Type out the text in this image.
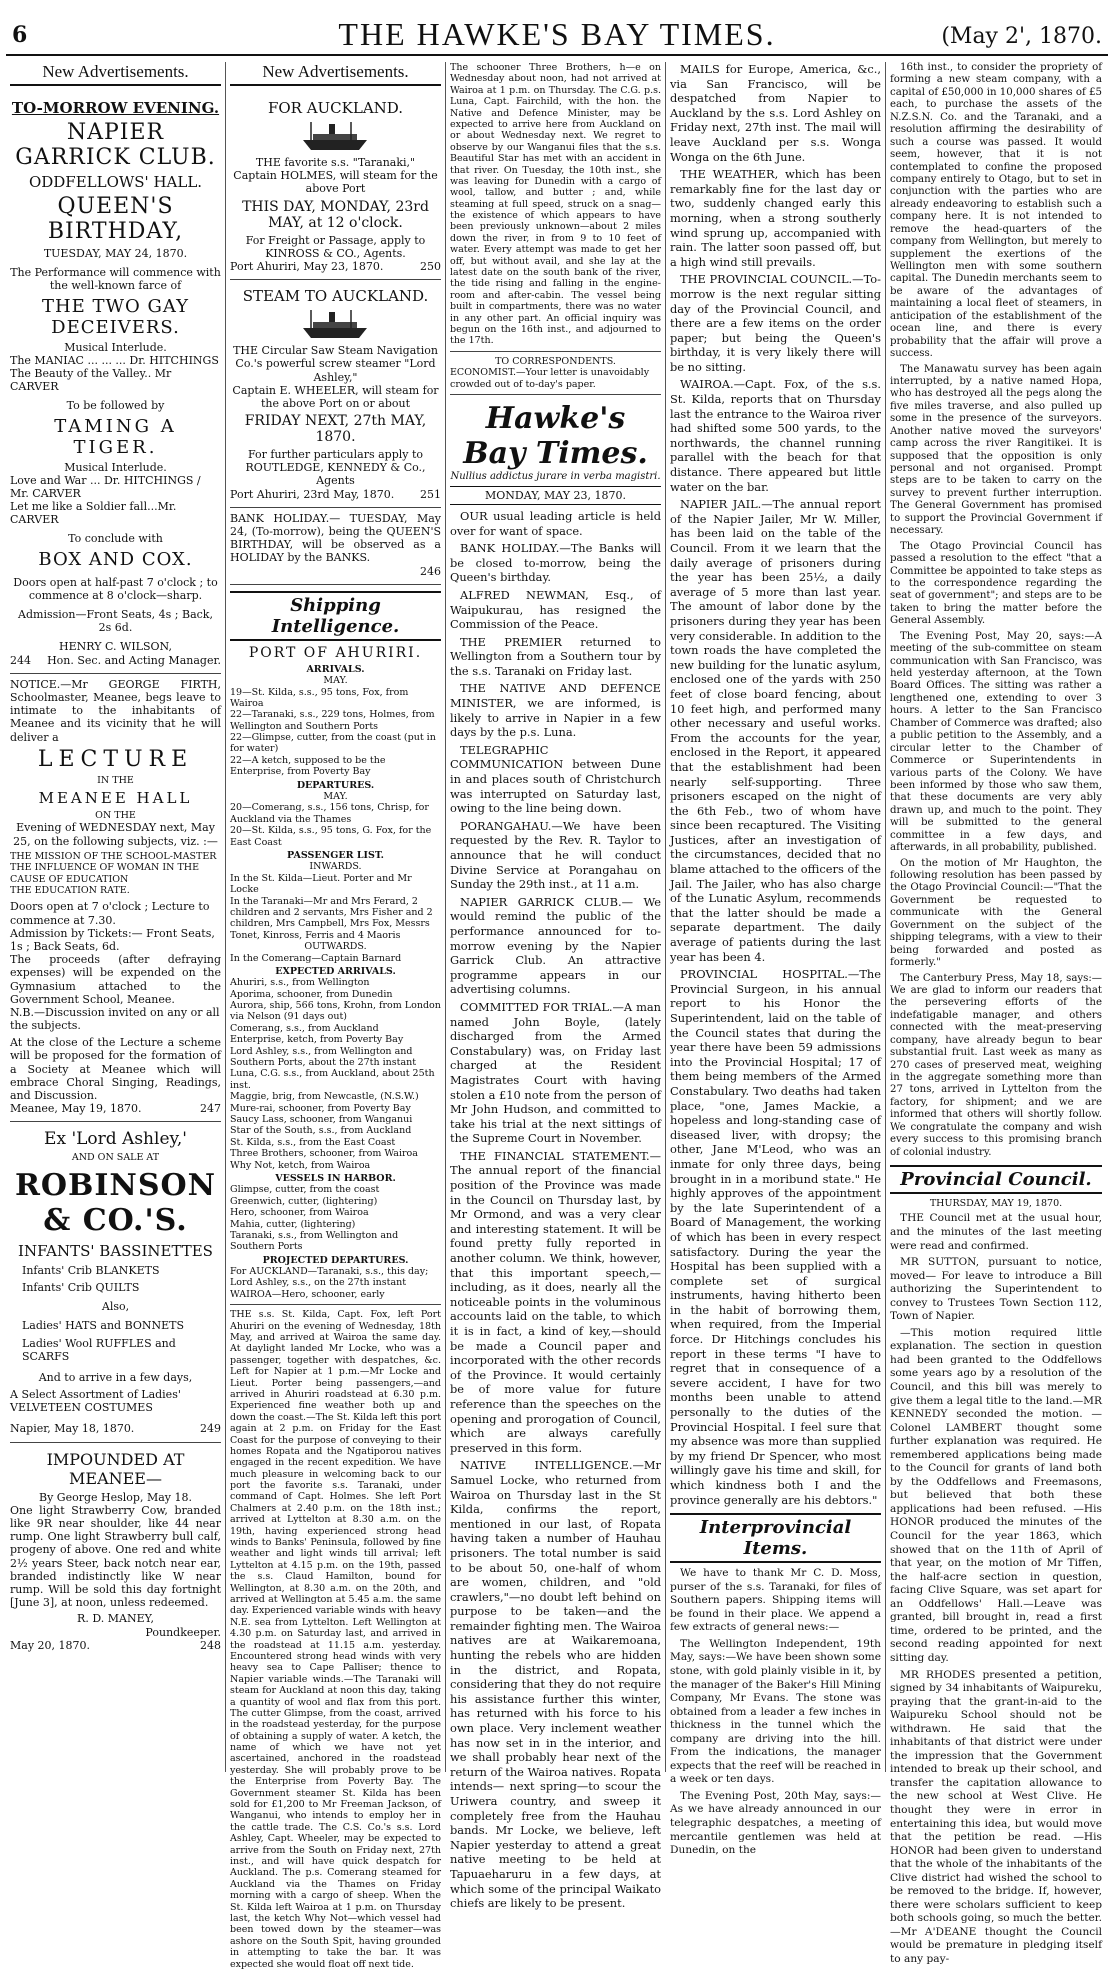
6	THE HAWKE'S BAY TIMES.	(May 2', 1870.
New Advertisements.
TO-MORROW EVENING.
NAPIER GARRICK CLUB.
ODDFELLOWS' HALL.
QUEEN'S BIRTHDAY,
TUESDAY, MAY 24, 1870.
The Performance will commence with the well-known farce of
THE TWO GAY DECEIVERS.
Musical Interlude.
The MANIAC ... ... ... Dr. HITCHINGS
The Beauty of the Valley.. Mr CARVER
To be followed by
TAMING A TIGER.
Musical Interlude.
Love and War ... Dr. HITCHINGS / Mr. CARVER
Let me like a Soldier fall...Mr. CARVER
To conclude with
BOX AND COX.
Doors open at half-past 7 o'clock ; to commence at 8 o'clock—sharp.
Admission—Front Seats, 4s ; Back, 2s 6d.
HENRY C. WILSON,
244 Hon. Sec. and Acting Manager.
NOTICE.—Mr GEORGE FIRTH, Schoolmaster, Meanee, begs leave to intimate to the inhabitants of Meanee and its vicinity that he will deliver a
LECTURE
IN THE
MEANEE HALL
ON THE
Evening of WEDNESDAY next, May 25, on the following subjects, viz. :—
THE MISSION OF THE SCHOOL-MASTER
THE INFLUENCE OF WOMAN IN THE CAUSE OF EDUCATION
THE EDUCATION RATE.
Doors open at 7 o'clock ; Lecture to commence at 7.30.
Admission by Tickets:— Front Seats, 1s ; Back Seats, 6d.
The proceeds (after defraying expenses) will be expended on the Gymnasium attached to the Government School, Meanee.
N.B.—Discussion invited on any or all the subjects.
At the close of the Lecture a scheme will be proposed for the formation of a Society at Meanee which will embrace Choral Singing, Readings, and Discussion.
Meanee, May 19, 1870.	247
Ex 'Lord Ashley,'
AND ON SALE AT
ROBINSON & CO.'S.
INFANTS' BASSINETTES
Infants' Crib BLANKETS
Infants' Crib QUILTS
Also,
Ladies' HATS and BONNETS
Ladies' Wool RUFFLES and SCARFS
And to arrive in a few days,
A Select Assortment of Ladies' VELVETEEN COSTUMES
Napier, May 18, 1870.	249
IMPOUNDED AT MEANEE—
By George Heslop, May 18.
One light Strawberry Cow, branded like 9R near shoulder, like 44 near rump. One light Strawberry bull calf, progeny of above. One red and white 2½ years Steer, back notch near ear, branded indistinctly like W near rump. Will be sold this day fortnight [June 3], at noon, unless redeemed.
R. D. MANEY,
Poundkeeper.
May 20, 1870.	248
New Advertisements.
FOR AUCKLAND.
THE favorite s.s. "Taranaki,"
Captain HOLMES, will steam for the above Port
THIS DAY, MONDAY, 23rd MAY, at 12 o'clock.
For Freight or Passage, apply to KINROSS & CO., Agents.
Port Ahuriri, May 23, 1870.	250
STEAM TO AUCKLAND.
THE Circular Saw Steam Navigation Co.'s powerful screw steamer "Lord Ashley,"
Captain E. WHEELER, will steam for the above Port on or about
FRIDAY NEXT, 27th MAY, 1870.
For further particulars apply to ROUTLEDGE, KENNEDY & Co., Agents
Port Ahuriri, 23rd May, 1870. 251
BANK HOLIDAY.— TUESDAY, May 24, (To-morrow), being the QUEEN'S BIRTHDAY, will be observed as a HOLIDAY by the BANKS.
246
Shipping Intelligence.
PORT OF AHURIRI.
ARRIVALS.
MAY.
19—St. Kilda, s.s., 95 tons, Fox, from Wairoa
22—Taranaki, s.s., 229 tons, Holmes, from Wellington and Southern Ports
22—Glimpse, cutter, from the coast (put in for water)
22—A ketch, supposed to be the Enterprise, from Poverty Bay
DEPARTURES.
MAY.
20—Comerang, s.s., 156 tons, Chrisp, for Auckland via the Thames
20—St. Kilda, s.s., 95 tons, G. Fox, for the East Coast
PASSENGER LIST.
INWARDS.
In the St. Kilda—Lieut. Porter and Mr Locke
In the Taranaki—Mr and Mrs Ferard, 2 children and 2 servants, Mrs Fisher and 2 children, Mrs Campbell, Mrs Fox, Messrs Tonet, Kinross, Ferris and 4 Maoris
OUTWARDS.
In the Comerang—Captain Barnard
EXPECTED ARRIVALS.
Ahuriri, s.s., from Wellington
Aporima, schooner, from Dunedin
Aurora, ship, 566 tons, Krohn, from London via Nelson (91 days out)
Comerang, s.s., from Auckland
Enterprise, ketch, from Poverty Bay
Lord Ashley, s.s., from Wellington and Southern Ports, about the 27th instant
Luna, C.G. s.s., from Auckland, about 25th inst.
Maggie, brig, from Newcastle, (N.S.W.)
Mure-rai, schooner, from Poverty Bay
Saucy Lass, schooner, from Wanganui
Star of the South, s.s., from Auckland
St. Kilda, s.s., from the East Coast
Three Brothers, schooner, from Wairoa
Why Not, ketch, from Wairoa
VESSELS IN HARBOR.
Glimpse, cutter, from the coast
Greenwich, cutter, (lightering)
Hero, schooner, from Wairoa
Mahia, cutter, (lightering)
Taranaki, s.s., from Wellington and Southern Ports
PROJECTED DEPARTURES.
For AUCKLAND—Taranaki, s.s., this day; Lord Ashley, s.s., on the 27th instant
WAIROA—Hero, schooner, early
THE s.s. St. Kilda, Capt. Fox, left Port Ahuriri on the evening of Wednesday, 18th May, and arrived at Wairoa the same day. At daylight landed Mr Locke, who was a passenger, together with despatches, &c. Left for Napier at 1 p.m.—Mr Locke and Lieut. Porter being passengers,—and arrived in Ahuriri roadstead at 6.30 p.m. Experienced fine weather both up and down the coast.—The St. Kilda left this port again at 2 p.m. on Friday for the East Coast for the purpose of conveying to their homes Ropata and the Ngatiporou natives engaged in the recent expedition. We have much pleasure in welcoming back to our port the favorite s.s. Taranaki, under command of Capt. Holmes. She left Port Chalmers at 2.40 p.m. on the 18th inst.; arrived at Lyttelton at 8.30 a.m. on the 19th, having experienced strong head winds to Banks' Peninsula, followed by fine weather and light winds till arrival; left Lyttelton at 4.15 p.m. on the 19th, passed the s.s. Claud Hamilton, bound for Wellington, at 8.30 a.m. on the 20th, and arrived at Wellington at 5.45 a.m. the same day. Experienced variable winds with heavy N.E. sea from Lyttelton. Left Wellington at 4.30 p.m. on Saturday last, and arrived in the roadstead at 11.15 a.m. yesterday. Encountered strong head winds with very heavy sea to Cape Palliser; thence to Napier variable winds.—The Taranaki will steam for Auckland at noon this day, taking a quantity of wool and flax from this port. The cutter Glimpse, from the coast, arrived in the roadstead yesterday, for the purpose of obtaining a supply of water. A ketch, the name of which we have not yet ascertained, anchored in the roadstead yesterday. She will probably prove to be the Enterprise from Poverty Bay. The Government steamer St. Kilda has been sold for £1,200 to Mr Freeman Jackson, of Wanganui, who intends to employ her in the cattle trade. The C.S. Co.'s s.s. Lord Ashley, Capt. Wheeler, may be expected to arrive from the South on Friday next, 27th inst., and will have quick despatch for Auckland. The p.s. Comerang steamed for Auckland via the Thames on Friday morning with a cargo of sheep. When the St. Kilda left Wairoa at 1 p.m. on Thursday last, the ketch Why Not—which vessel had been towed down by the steamer—was ashore on the South Spit, having grounded in attempting to take the bar. It was expected she would float off next tide.
The schooner Three Brothers, h—e on Wednesday about noon, had not arrived at Wairoa at 1 p.m. on Thursday. The C.G. p.s. Luna, Capt. Fairchild, with the hon. the Native and Defence Minister, may be expected to arrive here from Auckland on or about Wednesday next. We regret to observe by our Wanganui files that the s.s. Beautiful Star has met with an accident in that river. On Tuesday, the 10th inst., she was leaving for Dunedin with a cargo of wool, tallow, and butter ; and, while steaming at full speed, struck on a snag—the existence of which appears to have been previously unknown—about 2 miles down the river, in from 9 to 10 feet of water. Every attempt was made to get her off, but without avail, and she lay at the latest date on the south bank of the river, the tide rising and falling in the engine-room and after-cabin. The vessel being built in compartments, there was no water in any other part. An official inquiry was begun on the 16th inst., and adjourned to the 17th.
TO CORRESPONDENTS.
ECONOMIST.—Your letter is unavoidably crowded out of to-day's paper.
Hawke's Bay Times.
Nullius addictus jurare in verba magistri.
MONDAY, MAY 23, 1870.

OUR usual leading article is held over for want of space.

BANK HOLIDAY.—The Banks will be closed to-morrow, being the Queen's birthday.

ALFRED NEWMAN, Esq., of Waipukurau, has resigned the Commission of the Peace.

THE PREMIER returned to Wellington from a Southern tour by the s.s. Taranaki on Friday last.

THE NATIVE AND DEFENCE MINISTER, we are informed, is likely to arrive in Napier in a few days by the p.s. Luna.

TELEGRAPHIC COMMUNICATION between Dune in and places south of Christchurch was interrupted on Saturday last, owing to the line being down.

PORANGAHAU.—We have been requested by the Rev. R. Taylor to announce that he will conduct Divine Service at Porangahau on Sunday the 29th inst., at 11 a.m.

NAPIER GARRICK CLUB.— We would remind the public of the performance announced for to-morrow evening by the Napier Garrick Club. An attractive programme appears in our advertising columns.

COMMITTED FOR TRIAL.—A man named John Boyle, (lately discharged from the Armed Constabulary) was, on Friday last charged at the Resident Magistrates Court with having stolen a £10 note from the person of Mr John Hudson, and committed to take his trial at the next sittings of the Supreme Court in November.

THE FINANCIAL STATEMENT.—The annual report of the financial position of the Province was made in the Council on Thursday last, by Mr Ormond, and was a very clear and interesting statement. It will be found pretty fully reported in another column. We think, however, that this important speech,—including, as it does, nearly all the noticeable points in the voluminous accounts laid on the table, to which it is in fact, a kind of key,—should be made a Council paper and incorporated with the other records of the Province. It would certainly be of more value for future reference than the speeches on the opening and prorogation of Council, which are always carefully preserved in this form.

NATIVE INTELLIGENCE.—Mr Samuel Locke, who returned from Wairoa on Thursday last in the St Kilda, confirms the report, mentioned in our last, of Ropata having taken a number of Hauhau prisoners. The total number is said to be about 50, one-half of whom are women, children, and "old crawlers,"—no doubt left behind on purpose to be taken—and the remainder fighting men. The Wairoa natives are at Waikaremoana, hunting the rebels who are hidden in the district, and Ropata, considering that they do not require his assistance further this winter, has returned with his force to his own place. Very inclement weather has now set in in the interior, and we shall probably hear next of the return of the Wairoa natives. Ropata intends— next spring—to scour the Uriwera country, and sweep it completely free from the Hauhau bands. Mr Locke, we believe, left Napier yesterday to attend a great native meeting to be held at Tapuaeharuru in a few days, at which some of the principal Waikato chiefs are likely to be present.

MAILS for Europe, America, &c., via San Francisco, will be despatched from Napier to Auckland by the s.s. Lord Ashley on Friday next, 27th inst. The mail will leave Auckland per s.s. Wonga Wonga on the 6th June.

THE WEATHER, which has been remarkably fine for the last day or two, suddenly changed early this morning, when a strong southerly wind sprung up, accompanied with rain. The latter soon passed off, but a high wind still prevails.

THE PROVINCIAL COUNCIL.—To-morrow is the next regular sitting day of the Provincial Council, and there are a few items on the order paper; but being the Queen's birthday, it is very likely there will be no sitting.

WAIROA.—Capt. Fox, of the s.s. St. Kilda, reports that on Thursday last the entrance to the Wairoa river had shifted some 500 yards, to the northwards, the channel running parallel with the beach for that distance. There appeared but little water on the bar.

NAPIER JAIL.—The annual report of the Napier Jailer, Mr W. Miller, has been laid on the table of the Council. From it we learn that the daily average of prisoners during the year has been 25½, a daily average of 5 more than last year. The amount of labor done by the prisoners during they year has been very considerable. In addition to the town roads the have completed the new building for the lunatic asylum, enclosed one of the yards with 250 feet of close board fencing, about 10 feet high, and performed many other necessary and useful works. From the accounts for the year, enclosed in the Report, it appeared that the establishment had been nearly self-supporting. Three prisoners escaped on the night of the 6th Feb., two of whom have since been recaptured. The Visiting Justices, after an investigation of the circumstances, decided that no blame attached to the officers of the Jail. The Jailer, who has also charge of the Lunatic Asylum, recommends that the latter should be made a separate department. The daily average of patients during the last year has been 4.

PROVINCIAL HOSPITAL.—The Provincial Surgeon, in his annual report to his Honor the Superintendent, laid on the table of the Council states that during the year there have been 59 admissions into the Provincial Hospital; 17 of them being members of the Armed Constabulary. Two deaths had taken place, "one, James Mackie, a hopeless and long-standing case of diseased liver, with dropsy; the other, Jane M'Leod, who was an inmate for only three days, being brought in in a moribund state." He highly approves of the appointment by the late Superintendent of a Board of Management, the working of which has been in every respect satisfactory. During the year the Hospital has been supplied with a complete set of surgical instruments, having hitherto been in the habit of borrowing them, when required, from the Imperial force. Dr Hitchings concludes his report in these terms "I have to regret that in consequence of a severe accident, I have for two months been unable to attend personally to the duties of the Provincial Hospital. I feel sure that my absence was more than supplied by my friend Dr Spencer, who most willingly gave his time and skill, for which kindness both I and the province generally are his debtors."

Interprovincial Items.

We have to thank Mr C. D. Moss, purser of the s.s. Taranaki, for files of Southern papers. Shipping items will be found in their place. We append a few extracts of general news:—

The Wellington Independent, 19th May, says:—We have been shown some stone, with gold plainly visible in it, by the manager of the Baker's Hill Mining Company, Mr Evans. The stone was obtained from a leader a few inches in thickness in the tunnel which the company are driving into the hill. From the indications, the manager expects that the reef will be reached in a week or ten days.

The Evening Post, 20th May, says:— As we have already announced in our telegraphic despatches, a meeting of mercantile gentlemen was held at Dunedin, on the

16th inst., to consider the propriety of forming a new steam company, with a capital of £50,000 in 10,000 shares of £5 each, to purchase the assets of the N.Z.S.N. Co. and the Taranaki, and a resolution affirming the desirability of such a course was passed. It would seem, however, that it is not contemplated to confine the proposed company entirely to Otago, but to set in conjunction with the parties who are already endeavoring to establish such a company here. It is not intended to remove the head-quarters of the company from Wellington, but merely to supplement the exertions of the Wellington men with some southern capital. The Dunedin merchants seem to be aware of the advantages of maintaining a local fleet of steamers, in anticipation of the establishment of the ocean line, and there is every probability that the affair will prove a success.

The Manawatu survey has been again interrupted, by a native named Hopa, who has destroyed all the pegs along the five miles traverse, and also pulled up some in the presence of the surveyors. Another native moved the surveyors' camp across the river Rangitikei. It is supposed that the opposition is only personal and not organised. Prompt steps are to be taken to carry on the survey to prevent further interruption. The General Government has promised to support the Provincial Government if necessary.

The Otago Provincial Council has passed a resolution to the effect "that a Committee be appointed to take steps as to the correspondence regarding the seat of government"; and steps are to be taken to bring the matter before the General Assembly.

The Evening Post, May 20, says:—A meeting of the sub-committee on steam communication with San Francisco, was held yesterday afternoon, at the Town Board Offices. The sitting was rather a lengthened one, extending to over 3 hours. A letter to the San Francisco Chamber of Commerce was drafted; also a public petition to the Assembly, and a circular letter to the Chamber of Commerce or Superintendents in various parts of the Colony. We have been informed by those who saw them, that these documents are very ably drawn up, and much to the point. They will be submitted to the general committee in a few days, and afterwards, in all probability, published.

On the motion of Mr Haughton, the following resolution has been passed by the Otago Provincial Council:—"That the Government be requested to communicate with the General Government on the subject of the shipping telegrams, with a view to their being forwarded and posted as formerly."

The Canterbury Press, May 18, says:— We are glad to inform our readers that the persevering efforts of the indefatigable manager, and others connected with the meat-preserving company, have already begun to bear substantial fruit. Last week as many as 270 cases of preserved meat, weighing in the aggregate something more than 27 tons, arrived in Lyttelton from the factory, for shipment; and we are informed that others will shortly follow. We congratulate the company and wish every success to this promising branch of colonial industry.

Provincial Council.
THURSDAY, MAY 19, 1870.

THE Council met at the usual hour, and the minutes of the last meeting were read and confirmed.

MR SUTTON, pursuant to notice, moved— For leave to introduce a Bill authorizing the Superintendent to convey to Trustees Town Section 112, Town of Napier.

—This motion required little explanation. The section in question had been granted to the Oddfellows some years ago by a resolution of the Council, and this bill was merely to give them a legal title to the land.—MR KENNEDY seconded the motion. —Colonel LAMBERT thought some further explanation was required. He remembered applications being made to the Council for grants of land both by the Oddfellows and Freemasons, but believed that both these applications had been refused. —His HONOR produced the minutes of the Council for the year 1863, which showed that on the 11th of April of that year, on the motion of Mr Tiffen, the half-acre section in question, facing Clive Square, was set apart for an Oddfellows' Hall.—Leave was granted, bill brought in, read a first time, ordered to be printed, and the second reading appointed for next sitting day.

MR RHODES presented a petition, signed by 34 inhabitants of Waipureku, praying that the grant-in-aid to the Waipureku School should not be withdrawn. He said that the inhabitants of that district were under the impression that the Government intended to break up their school, and transfer the capitation allowance to the new school at West Clive. He thought they were in error in entertaining this idea, but would move that the petition be read. —His HONOR had been given to understand that the whole of the inhabitants of the Clive district had wished the school to be removed to the bridge. If, however, there were scholars sufficient to keep both schools going, so much the better.—Mr A'DEANE thought the Council would be premature in pledging itself to any pay-
